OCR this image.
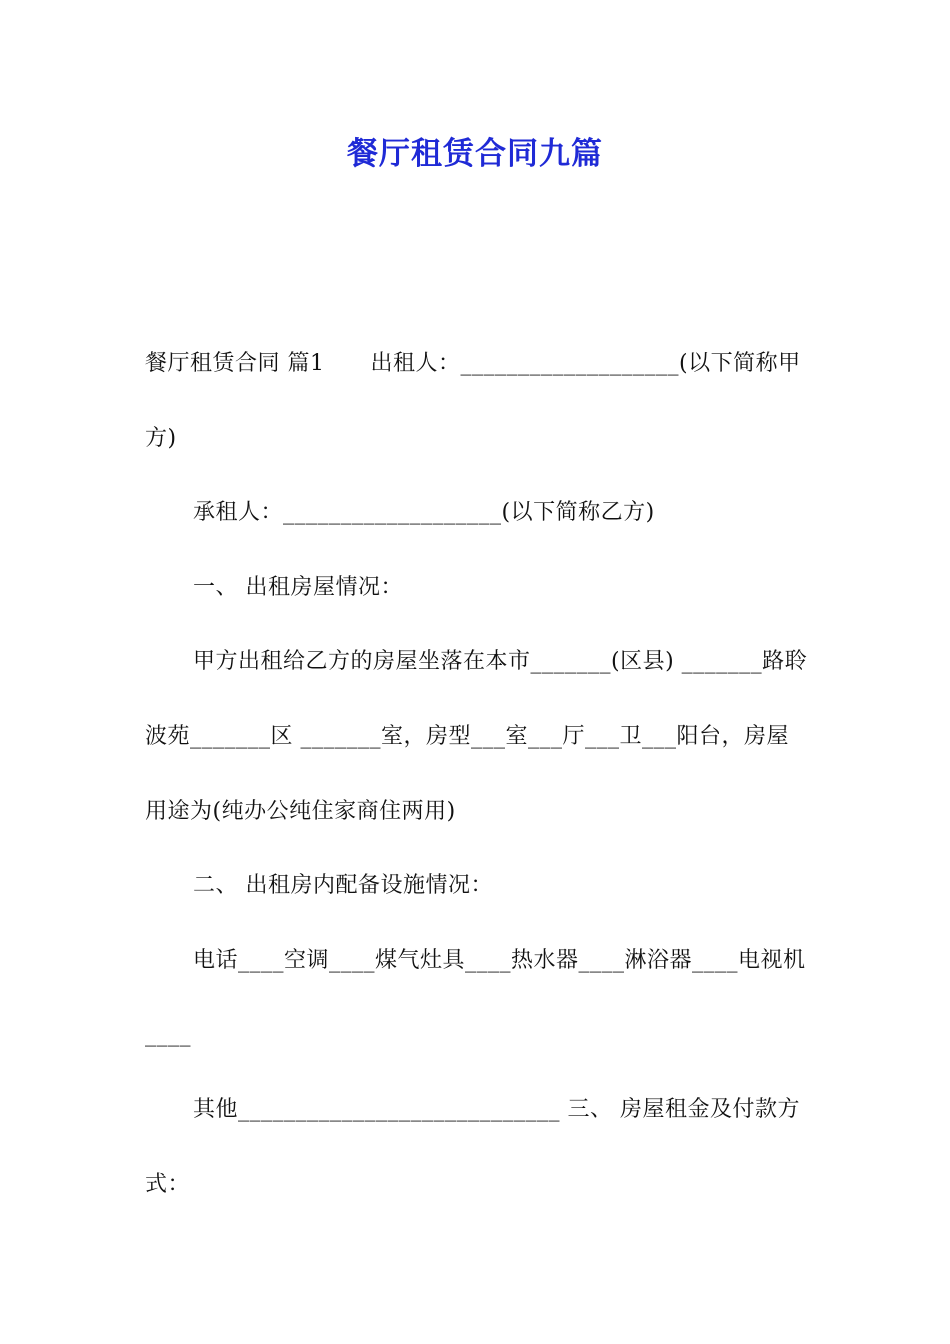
餐厅租赁合同九篇

餐厅租赁合同 篇1 出租人：___________________(以下简称甲方)

承租人：___________________(以下简称乙方)

一、 出租房屋情况：

甲方出租给乙方的房屋坐落在本市_______(区县) _______路聆波苑_______区 _______室，房型___室___厅___卫___阳台，房屋用途为(纯办公纯住家商住两用)

二、 出租房内配备设施情况：

电话____空调____煤气灶具____热水器____淋浴器____电视机____

其他____________________________ 三、 房屋租金及付款方式：
